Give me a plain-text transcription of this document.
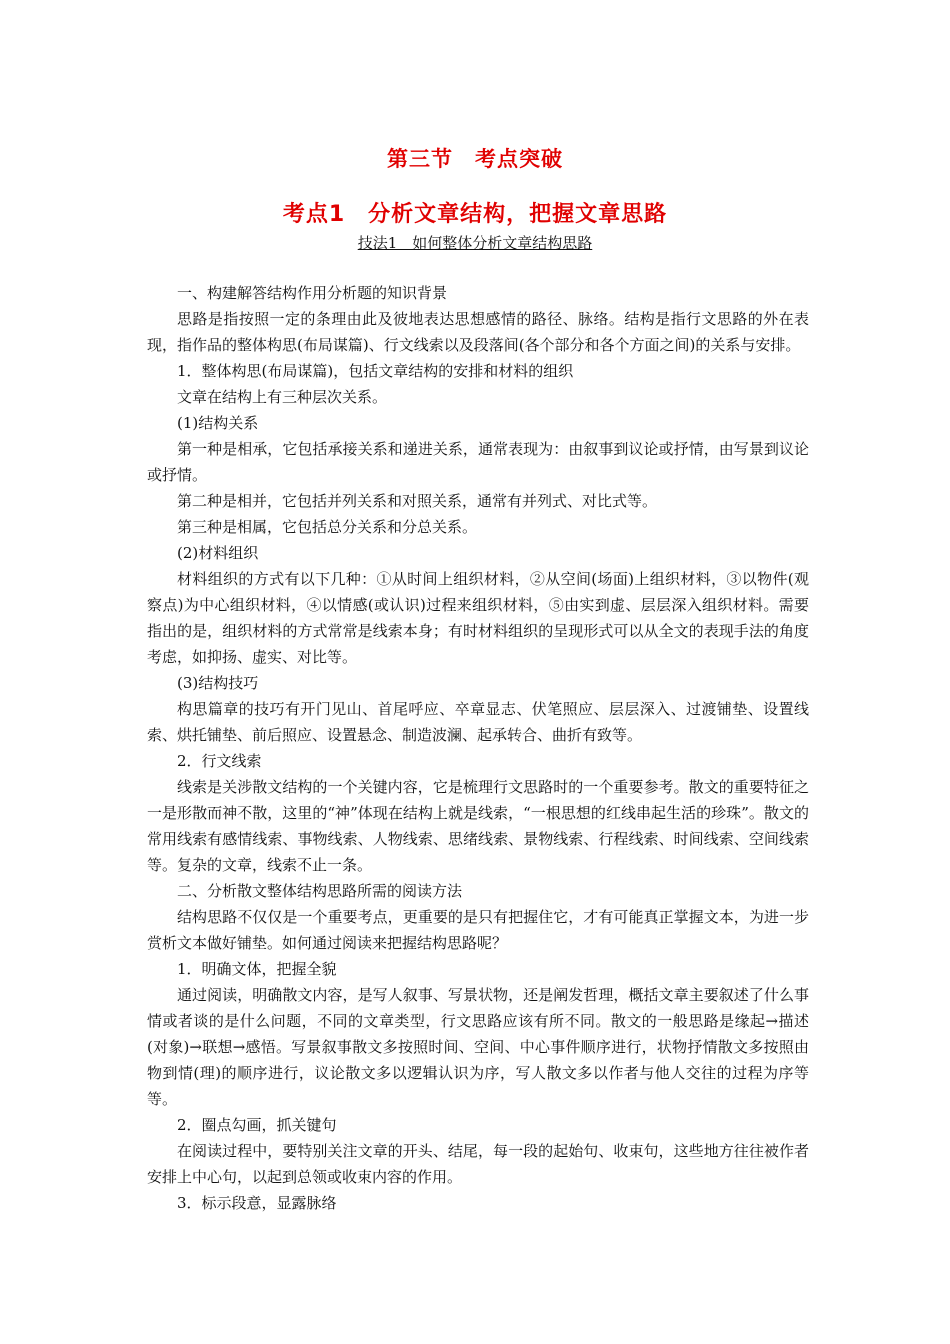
第三节　考点突破
考点1　分析文章结构，把握文章思路
技法1　如何整体分析文章结构思路

一、构建解答结构作用分析题的知识背景

思路是指按照一定的条理由此及彼地表达思想感情的路径、脉络。结构是指行文思路的外在表现，指作品的整体构思(布局谋篇)、行文线索以及段落间(各个部分和各个方面之间)的关系与安排。

1．整体构思(布局谋篇)，包括文章结构的安排和材料的组织

文章在结构上有三种层次关系。

(1)结构关系

第一种是相承，它包括承接关系和递进关系，通常表现为：由叙事到议论或抒情，由写景到议论或抒情。

第二种是相并，它包括并列关系和对照关系，通常有并列式、对比式等。

第三种是相属，它包括总分关系和分总关系。

(2)材料组织

材料组织的方式有以下几种：①从时间上组织材料，②从空间(场面)上组织材料，③以物件(观察点)为中心组织材料，④以情感(或认识)过程来组织材料，⑤由实到虚、层层深入组织材料。需要指出的是，组织材料的方式常常是线索本身；有时材料组织的呈现形式可以从全文的表现手法的角度考虑，如抑扬、虚实、对比等。

(3)结构技巧

构思篇章的技巧有开门见山、首尾呼应、卒章显志、伏笔照应、层层深入、过渡铺垫、设置线索、烘托铺垫、前后照应、设置悬念、制造波澜、起承转合、曲折有致等。

2．行文线索

线索是关涉散文结构的一个关键内容，它是梳理行文思路时的一个重要参考。散文的重要特征之一是形散而神不散，这里的“神”体现在结构上就是线索，“一根思想的红线串起生活的珍珠”。散文的常用线索有感情线索、事物线索、人物线索、思绪线索、景物线索、行程线索、时间线索、空间线索等。复杂的文章，线索不止一条。

二、分析散文整体结构思路所需的阅读方法

结构思路不仅仅是一个重要考点，更重要的是只有把握住它，才有可能真正掌握文本，为进一步赏析文本做好铺垫。如何通过阅读来把握结构思路呢？

1．明确文体，把握全貌

通过阅读，明确散文内容，是写人叙事、写景状物，还是阐发哲理，概括文章主要叙述了什么事情或者谈的是什么问题，不同的文章类型，行文思路应该有所不同。散文的一般思路是缘起→描述(对象)→联想→感悟。写景叙事散文多按照时间、空间、中心事件顺序进行，状物抒情散文多按照由物到情(理)的顺序进行，议论散文多以逻辑认识为序，写人散文多以作者与他人交往的过程为序等等。

2．圈点勾画，抓关键句

在阅读过程中，要特别关注文章的开头、结尾，每一段的起始句、收束句，这些地方往往被作者安排上中心句，以起到总领或收束内容的作用。

3．标示段意，显露脉络
